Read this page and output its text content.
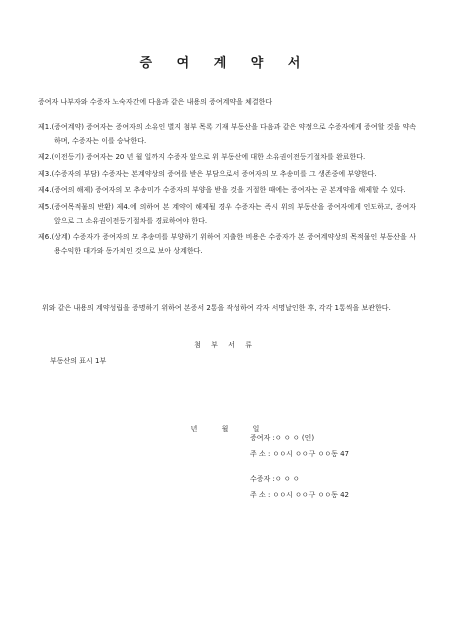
증 여 계 약 서
증여자 나부자와 수증자 노숙자간에 다음과 같은 내용의 증여계약을 체결한다
제1.(증여계약) 증여자는 증여자의 소유인 별지 첨부 목록 기재 부동산을 다음과 같은 약정으로 수증자에게 증여할 것을 약속하며, 수증자는 이를 승낙한다.
제2.(이전등기) 증여자는 20 년 월 일까지 수증자 앞으로 위 부동산에 대한 소유권이전등기절차를 완료한다.
제3.(수증자의 부담) 수증자는 본계약상의 증여를 받은 부담으로서 증여자의 모 추송미를 그 생존중에 부양한다.
제4.(증여의 해제) 증여자의 모 추송미가 수증자의 부양을 받을 것을 거절한 때에는 증여자는 곧 본계약을 해제할 수 있다.
제5.(증여목적물의 반환) 제4.에 의하여 본 계약이 해제될 경우 수증자는 즉시 위의 부동산을 증여자에게 인도하고, 증여자 앞으로 그 소유권이전등기절차를 경료하여야 한다.
제6.(상계) 수증자가 증여자의 모 추송미를 부양하기 위하여 지출한 비용은 수증자가 본 증여계약상의 목적물인 부동산을 사용수익한 대가와 동가치인 것으로 보아 상계한다.
위와 같은 내용의 계약성립을 증명하기 위하여 본증서 2통을 작성하여 각자 서명날인한 후, 각각 1통씩을 보관한다.
첨 부 서 류
부동산의 표시 1부
년 월 일
증여자 :ㅇ ㅇ ㅇ (인)
주 소 : ㅇㅇ시 ㅇㅇ구 ㅇㅇ동 47
수증자 :ㅇ ㅇ ㅇ
주 소 : ㅇㅇ시 ㅇㅇ구 ㅇㅇ동 42
